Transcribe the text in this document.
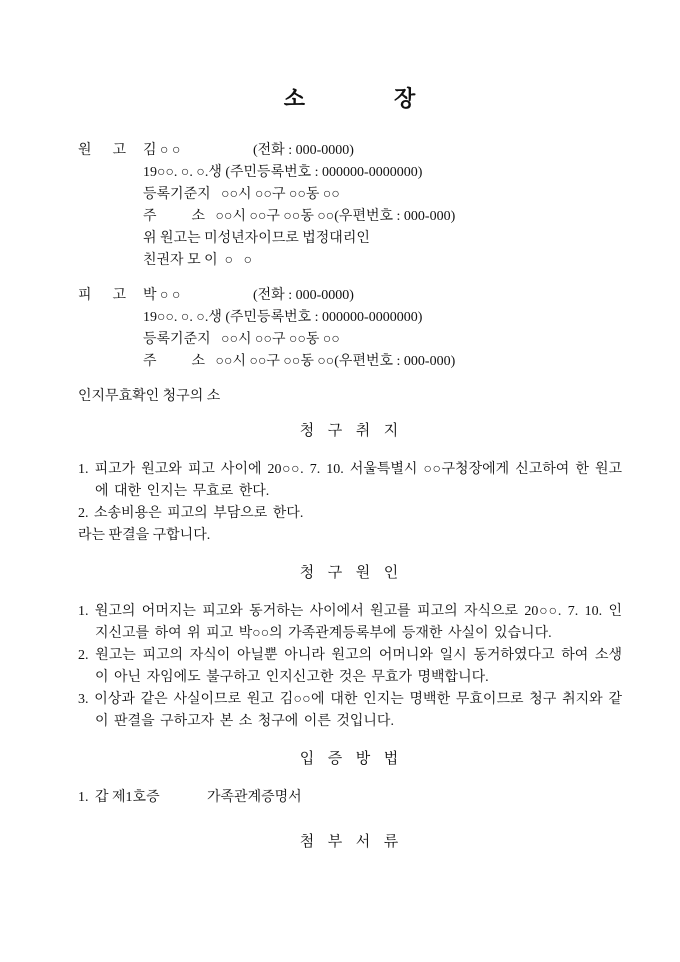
소	장
원      고	김 ○ ○	(전화 : 000-0000)
19○○. ○. ○.생 (주민등록번호 : 000000-0000000)
등록기준지   ○○시 ○○구 ○○동 ○○
주          소   ○○시 ○○구 ○○동 ○○(우편번호 : 000-000)
위 원고는 미성년자이므로 법정대리인
친권자 모 이  ○   ○
피      고	박 ○ ○	(전화 : 000-0000)
19○○. ○. ○.생 (주민등록번호 : 000000-0000000)
등록기준지   ○○시 ○○구 ○○동 ○○
주          소   ○○시 ○○구 ○○동 ○○(우편번호 : 000-000)
인지무효확인 청구의 소
청  구  취  지
1. 피고가 원고와 피고 사이에 20○○. 7. 10. 서울특별시 ○○구청장에게 신고하여 한 원고에 대한 인지는 무효로 한다.
2. 소송비용은 피고의 부담으로 한다.
라는 판결을 구합니다.
청  구  원  인
1. 원고의 어머지는 피고와 동거하는 사이에서 원고를 피고의 자식으로 20○○. 7. 10. 인지신고를 하여 위 피고 박○○의 가족관계등록부에 등재한 사실이 있습니다.
2. 원고는 피고의 자식이 아닐뿐 아니라 원고의 어머니와 일시 동거하였다고 하여 소생이 아닌 자임에도 불구하고 인지신고한 것은 무효가 명백합니다.
3. 이상과 같은 사실이므로 원고 김○○에 대한 인지는 명백한 무효이므로 청구 취지와 같이 판결을 구하고자 본 소 청구에 이른 것입니다.
입  증  방  법
1. 갑 제1호증	가족관계증명서
첨  부  서  류
